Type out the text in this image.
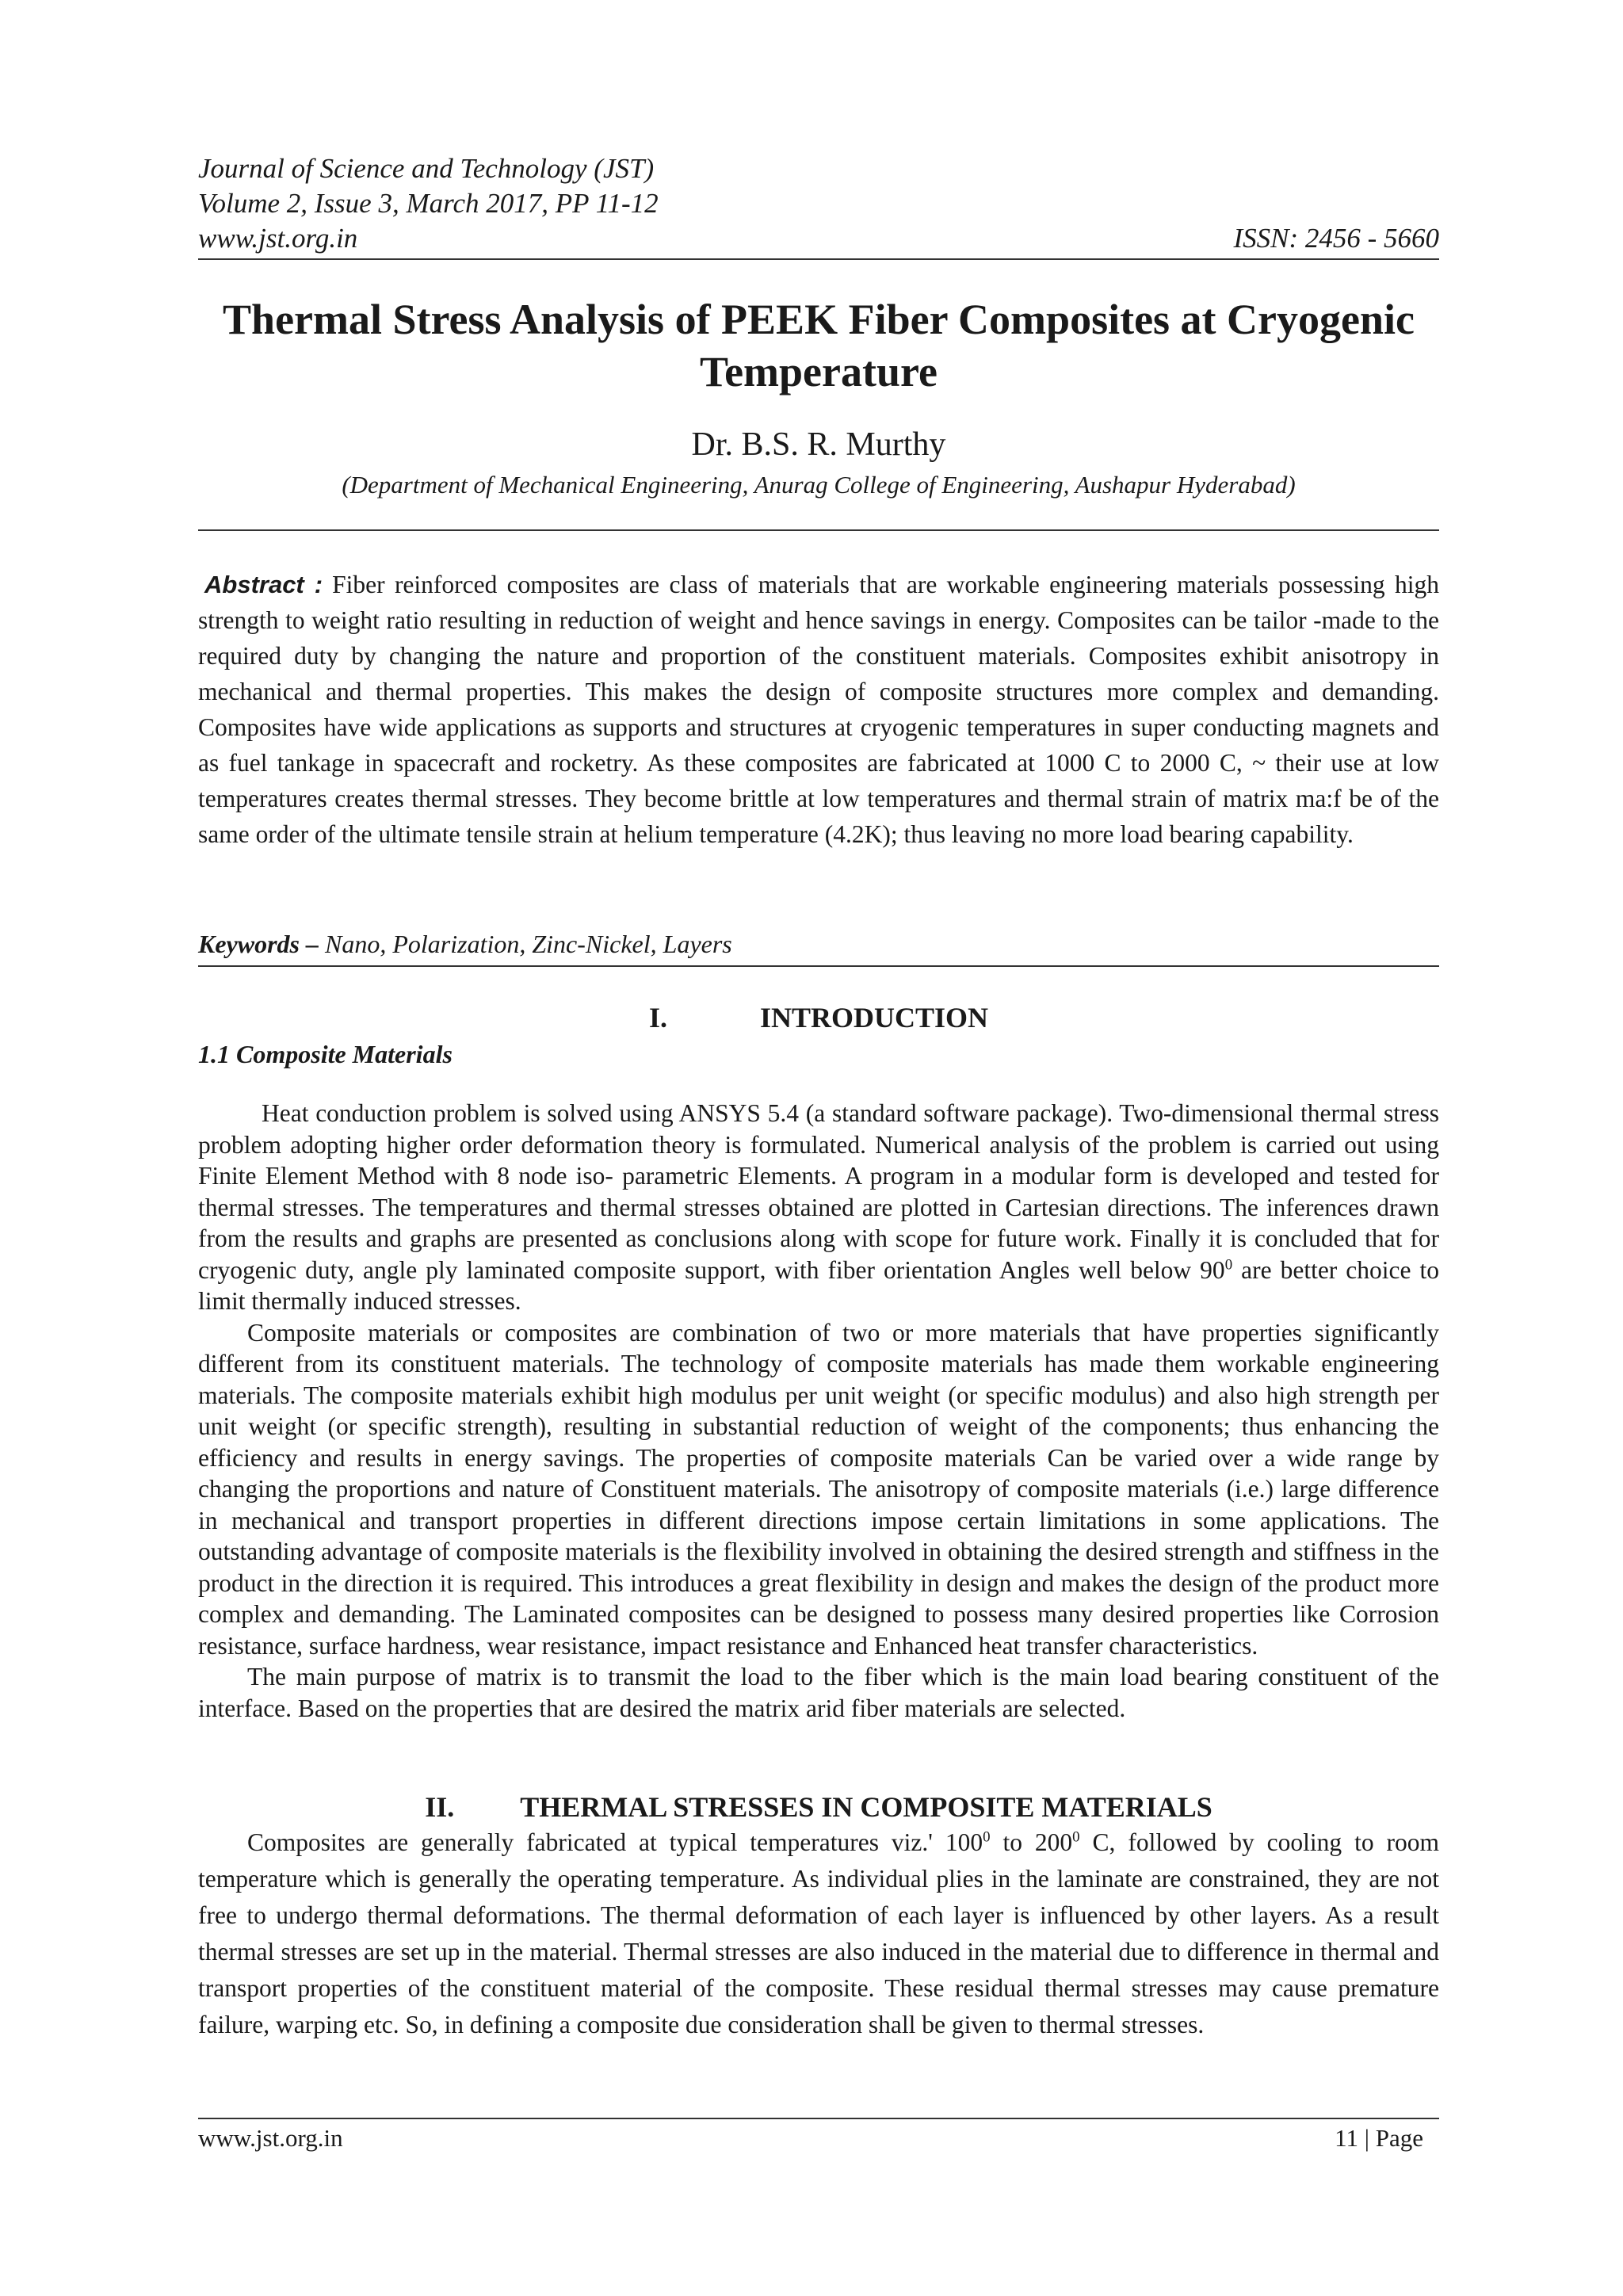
Journal of Science and Technology (JST)
Volume 2, Issue 3, March 2017, PP 11-12
www.jst.org.in	ISSN: 2456 - 5660
Thermal Stress Analysis of PEEK Fiber Composites at Cryogenic Temperature
Dr. B.S. R. Murthy
(Department of Mechanical Engineering, Anurag College of Engineering, Aushapur Hyderabad)
Abstract : Fiber reinforced composites are class of materials that are workable engineering materials possessing high strength to weight ratio resulting in reduction of weight and hence savings in energy. Composites can be tailor -made to the required duty by changing the nature and proportion of the constituent materials. Composites exhibit anisotropy in mechanical and thermal properties. This makes the design of composite structures more complex and demanding. Composites have wide applications as supports and structures at cryogenic temperatures in super conducting magnets and as fuel tankage in spacecraft and rocketry. As these composites are fabricated at 1000 C to 2000 C, ~ their use at low temperatures creates thermal stresses. They become brittle at low temperatures and thermal strain of matrix ma:f be of the same order of the ultimate tensile strain at helium temperature (4.2K); thus leaving no more load bearing capability.
Keywords – Nano, Polarization, Zinc-Nickel, Layers
I.	INTRODUCTION
1.1 Composite Materials

Heat conduction problem is solved using ANSYS 5.4 (a standard software package). Two-dimensional thermal stress problem adopting higher order deformation theory is formulated. Numerical analysis of the problem is carried out using Finite Element Method with 8 node iso- parametric Elements. A program in a modular form is developed and tested for thermal stresses. The temperatures and thermal stresses obtained are plotted in Cartesian directions. The inferences drawn from the results and graphs are presented as conclusions along with scope for future work. Finally it is concluded that for cryogenic duty, angle ply laminated composite support, with fiber orientation Angles well below $90^0$ are better choice to limit thermally induced stresses.

Composite materials or composites are combination of two or more materials that have properties significantly different from its constituent materials. The technology of composite materials has made them workable engineering materials. The composite materials exhibit high modulus per unit weight (or specific modulus) and also high strength per unit weight (or specific strength), resulting in substantial reduction of weight of the components; thus enhancing the efficiency and results in energy savings. The properties of composite materials Can be varied over a wide range by changing the proportions and nature of Constituent materials. The anisotropy of composite materials (i.e.) large difference in mechanical and transport properties in different directions impose certain limitations in some applications. The outstanding advantage of composite materials is the flexibility involved in obtaining the desired strength and stiffness in the product in the direction it is required. This introduces a great flexibility in design and makes the design of the product more complex and demanding. The Laminated composites can be designed to possess many desired properties like Corrosion resistance, surface hardness, wear resistance, impact resistance and Enhanced heat transfer characteristics.

The main purpose of matrix is to transmit the load to the fiber which is the main load bearing constituent of the interface. Based on the properties that are desired the matrix arid fiber materials are selected.

II. THERMAL STRESSES IN COMPOSITE MATERIALS

Composites are generally fabricated at typical temperatures viz.' $100^0$ to $200^0$ C, followed by cooling to room temperature which is generally the operating temperature. As individual plies in the laminate are constrained, they are not free to undergo thermal deformations. The thermal deformation of each layer is influenced by other layers. As a result thermal stresses are set up in the material. Thermal stresses are also induced in the material due to difference in thermal and transport properties of the constituent material of the composite. These residual thermal stresses may cause premature failure, warping etc. So, in defining a composite due consideration shall be given to thermal stresses.

www.jst.org.in	11 | Page
